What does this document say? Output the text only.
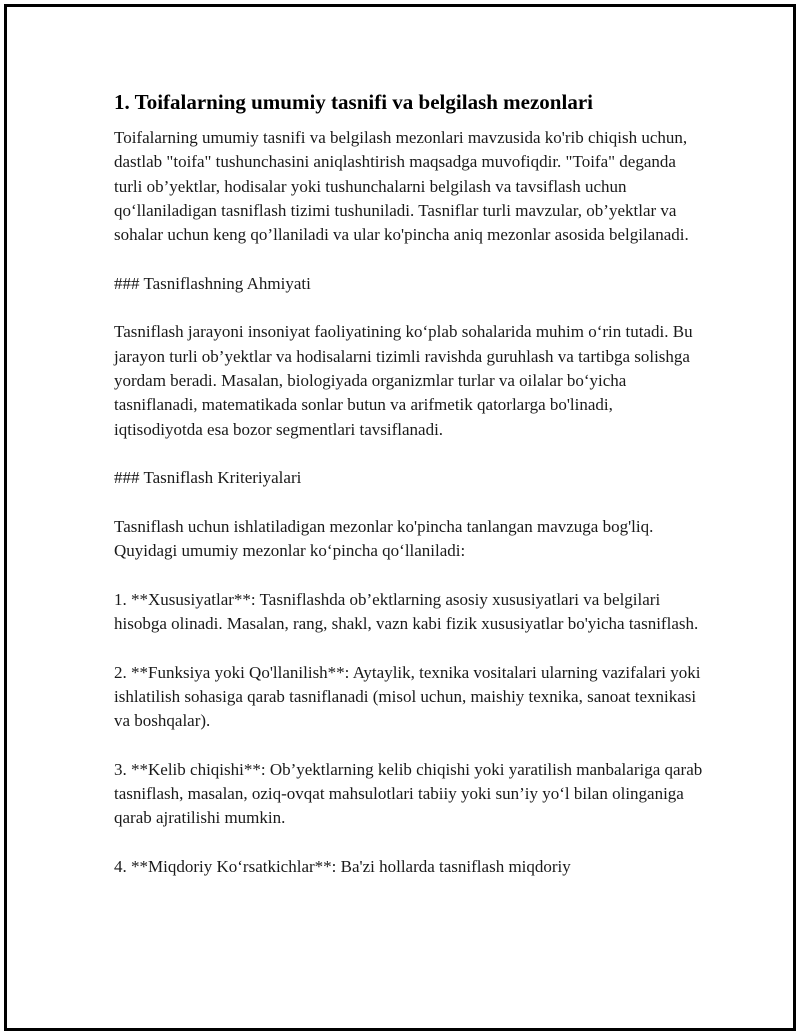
1. Toifalarning umumiy tasnifi va belgilash mezonlari

Toifalarning umumiy tasnifi va belgilash mezonlari mavzusida ko'rib chiqish uchun, dastlab "toifa" tushunchasini aniqlashtirish maqsadga muvofiqdir. "Toifa" deganda turli ob’yektlar, hodisalar yoki tushunchalarni belgilash va tavsiflash uchun qo‘llaniladigan tasniflash tizimi tushuniladi. Tasniflar turli mavzular, ob’yektlar va sohalar uchun keng qo’llaniladi va ular ko'pincha aniq mezonlar asosida belgilanadi.

### Tasniflashning Ahmiyati

Tasniflash jarayoni insoniyat faoliyatining ko‘plab sohalarida muhim o‘rin tutadi. Bu jarayon turli ob’yektlar va hodisalarni tizimli ravishda guruhlash va tartibga solishga yordam beradi. Masalan, biologiyada organizmlar turlar va oilalar bo‘yicha tasniflanadi, matematikada sonlar butun va arifmetik qatorlarga bo'linadi, iqtisodiyotda esa bozor segmentlari tavsiflanadi.

### Tasniflash Kriteriyalari

Tasniflash uchun ishlatiladigan mezonlar ko'pincha tanlangan mavzuga bog'liq. Quyidagi umumiy mezonlar ko‘pincha qo‘llaniladi:

1. **Xususiyatlar**: Tasniflashda ob’ektlarning asosiy xususiyatlari va belgilari hisobga olinadi. Masalan, rang, shakl, vazn kabi fizik xususiyatlar bo'yicha tasniflash.

2. **Funksiya yoki Qo'llanilish**: Aytaylik, texnika vositalari ularning vazifalari yoki ishlatilish sohasiga qarab tasniflanadi (misol uchun, maishiy texnika, sanoat texnikasi va boshqalar).

3. **Kelib chiqishi**: Ob’yektlarning kelib chiqishi yoki yaratilish manbalariga qarab tasniflash, masalan, oziq-ovqat mahsulotlari tabiiy yoki sun’iy yo‘l bilan olinganiga qarab ajratilishi mumkin.

4. **Miqdoriy Ko‘rsatkichlar**: Ba'zi hollarda tasniflash miqdoriy
